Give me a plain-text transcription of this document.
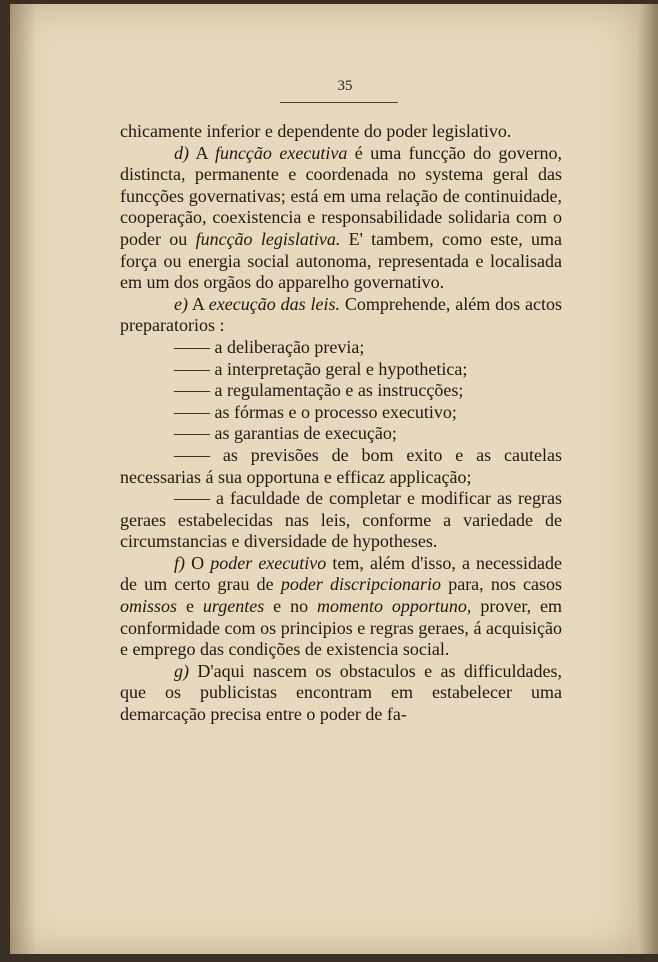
35

chicamente inferior e dependente do poder legislativo.

d) A funcção executiva é uma funcção do governo, distincta, permanente e coordenada no systema geral das funcções governativas; está em uma relação de continuidade, cooperação, coexistencia e responsabilidade solidaria com o poder ou funcção legislativa. E' tambem, como este, uma força ou energia social autonoma, representada e localisada em um dos orgãos do apparelho governativo.

e) A execução das leis. Comprehende, além dos actos preparatorios :

—— a deliberação previa;

—— a interpretação geral e hypothetica;

—— a regulamentação e as instrucções;

—— as fórmas e o processo executivo;

—— as garantias de execução;

—— as previsões de bom exito e as cautelas necessarias á sua opportuna e efficaz applicação;

—— a faculdade de completar e modificar as regras geraes estabelecidas nas leis, conforme a variedade de circumstancias e diversidade de hypotheses.

f) O poder executivo tem, além d'isso, a necessidade de um certo grau de poder discripcionario para, nos casos omissos e urgentes e no momento opportuno, prover, em conformidade com os principios e regras geraes, á acquisição e emprego das condições de existencia social.

g) D'aqui nascem os obstaculos e as difficuldades, que os publicistas encontram em estabelecer uma demarcação precisa entre o poder de fa-
